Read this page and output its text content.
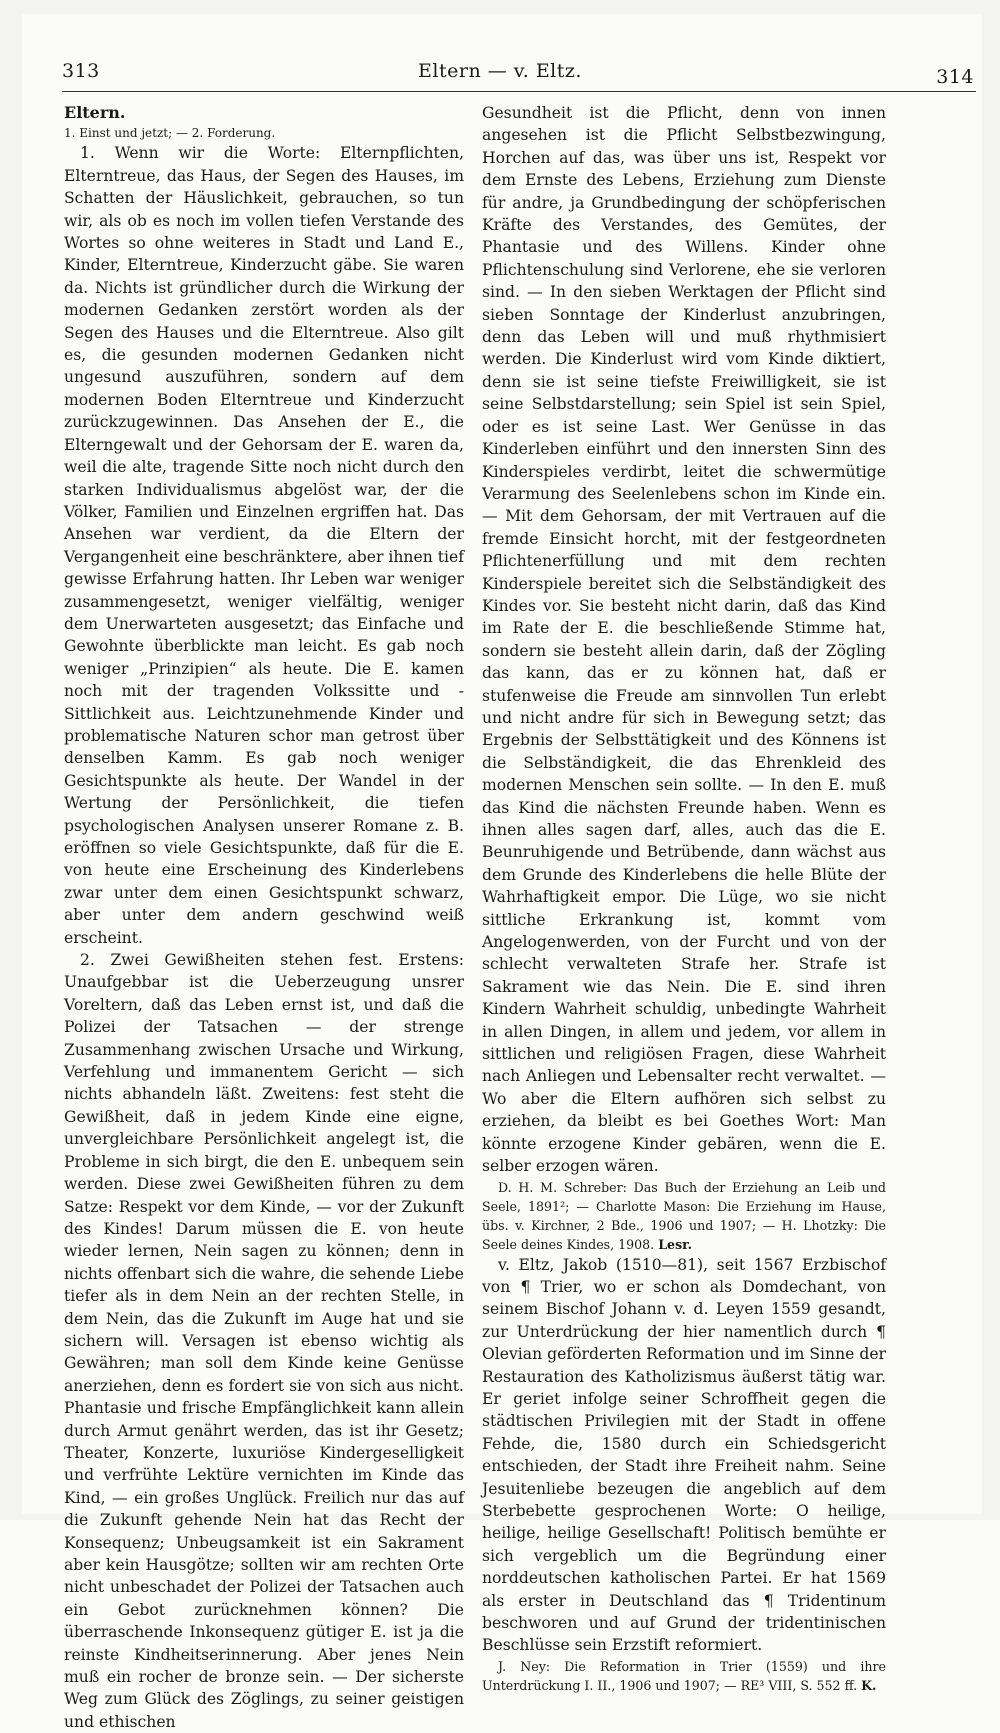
313	Eltern — v. Eltz.	314

Eltern.

1. Einst und jetzt; — 2. Forderung.

1. Wenn wir die Worte: Elternpflichten, Elterntreue, das Haus, der Segen des Hauses, im Schatten der Häuslichkeit, gebrauchen, so tun wir, als ob es noch im vollen tiefen Verstande des Wortes so ohne weiteres in Stadt und Land E., Kinder, Elterntreue, Kinderzucht gäbe. Sie waren da. Nichts ist gründlicher durch die Wirkung der modernen Gedanken zerstört worden als der Segen des Hauses und die Elterntreue. Also gilt es, die gesunden modernen Gedanken nicht ungesund auszuführen, sondern auf dem modernen Boden Elterntreue und Kinderzucht zurückzugewinnen. Das Ansehen der E., die Elterngewalt und der Gehorsam der E. waren da, weil die alte, tragende Sitte noch nicht durch den starken Individualismus abgelöst war, der die Völker, Familien und Einzelnen ergriffen hat. Das Ansehen war verdient, da die Eltern der Vergangenheit eine beschränktere, aber ihnen tief gewisse Erfahrung hatten. Ihr Leben war weniger zusammengesetzt, weniger vielfältig, weniger dem Unerwarteten ausgesetzt; das Einfache und Gewohnte überblickte man leicht. Es gab noch weniger „Prinzipien“ als heute. Die E. kamen noch mit der tragenden Volkssitte und -Sittlichkeit aus. Leichtzunehmende Kinder und problematische Naturen schor man getrost über denselben Kamm. Es gab noch weniger Gesichtspunkte als heute. Der Wandel in der Wertung der Persönlichkeit, die tiefen psychologischen Analysen unserer Romane z. B. eröffnen so viele Gesichtspunkte, daß für die E. von heute eine Erscheinung des Kinderlebens zwar unter dem einen Gesichtspunkt schwarz, aber unter dem andern geschwind weiß erscheint.

2. Zwei Gewißheiten stehen fest. Erstens: Unaufgebbar ist die Ueberzeugung unsrer Voreltern, daß das Leben ernst ist, und daß die Polizei der Tatsachen — der strenge Zusammenhang zwischen Ursache und Wirkung, Verfehlung und immanentem Gericht — sich nichts abhandeln läßt. Zweitens: fest steht die Gewißheit, daß in jedem Kinde eine eigne, unvergleichbare Persönlichkeit angelegt ist, die Probleme in sich birgt, die den E. unbequem sein werden. Diese zwei Gewißheiten führen zu dem Satze: Respekt vor dem Kinde, — vor der Zukunft des Kindes! Darum müssen die E. von heute wieder lernen, Nein sagen zu können; denn in nichts offenbart sich die wahre, die sehende Liebe tiefer als in dem Nein an der rechten Stelle, in dem Nein, das die Zukunft im Auge hat und sie sichern will. Versagen ist ebenso wichtig als Gewähren; man soll dem Kinde keine Genüsse anerziehen, denn es fordert sie von sich aus nicht. Phantasie und frische Empfänglichkeit kann allein durch Armut genährt werden, das ist ihr Gesetz; Theater, Konzerte, luxuriöse Kindergeselligkeit und verfrühte Lektüre vernichten im Kinde das Kind, — ein großes Unglück. Freilich nur das auf die Zukunft gehende Nein hat das Recht der Konsequenz; Unbeugsamkeit ist ein Sakrament aber kein Hausgötze; sollten wir am rechten Orte nicht unbeschadet der Polizei der Tatsachen auch ein Gebot zurücknehmen können? Die überraschende Inkonsequenz gütiger E. ist ja die reinste Kindheitserinnerung. Aber jenes Nein muß ein rocher de bronze sein. — Der sicherste Weg zum Glück des Zöglings, zu seiner geistigen und ethischen

Gesundheit ist die Pflicht, denn von innen angesehen ist die Pflicht Selbstbezwingung, Horchen auf das, was über uns ist, Respekt vor dem Ernste des Lebens, Erziehung zum Dienste für andre, ja Grundbedingung der schöpferischen Kräfte des Verstandes, des Gemütes, der Phantasie und des Willens. Kinder ohne Pflichtenschulung sind Verlorene, ehe sie verloren sind. — In den sieben Werktagen der Pflicht sind sieben Sonntage der Kinderlust anzubringen, denn das Leben will und muß rhythmisiert werden. Die Kinderlust wird vom Kinde diktiert, denn sie ist seine tiefste Freiwilligkeit, sie ist seine Selbstdarstellung; sein Spiel ist sein Spiel, oder es ist seine Last. Wer Genüsse in das Kinderleben einführt und den innersten Sinn des Kinderspieles verdirbt, leitet die schwermütige Verarmung des Seelenlebens schon im Kinde ein. — Mit dem Gehorsam, der mit Vertrauen auf die fremde Einsicht horcht, mit der festgeordneten Pflichtenerfüllung und mit dem rechten Kinderspiele bereitet sich die Selbständigkeit des Kindes vor. Sie besteht nicht darin, daß das Kind im Rate der E. die beschließende Stimme hat, sondern sie besteht allein darin, daß der Zögling das kann, das er zu können hat, daß er stufenweise die Freude am sinnvollen Tun erlebt und nicht andre für sich in Bewegung setzt; das Ergebnis der Selbsttätigkeit und des Könnens ist die Selbständigkeit, die das Ehrenkleid des modernen Menschen sein sollte. — In den E. muß das Kind die nächsten Freunde haben. Wenn es ihnen alles sagen darf, alles, auch das die E. Beunruhigende und Betrübende, dann wächst aus dem Grunde des Kinderlebens die helle Blüte der Wahrhaftigkeit empor. Die Lüge, wo sie nicht sittliche Erkrankung ist, kommt vom Angelogenwerden, von der Furcht und von der schlecht verwalteten Strafe her. Strafe ist Sakrament wie das Nein. Die E. sind ihren Kindern Wahrheit schuldig, unbedingte Wahrheit in allen Dingen, in allem und jedem, vor allem in sittlichen und religiösen Fragen, diese Wahrheit nach Anliegen und Lebensalter recht verwaltet. — Wo aber die Eltern aufhören sich selbst zu erziehen, da bleibt es bei Goethes Wort: Man könnte erzogene Kinder gebären, wenn die E. selber erzogen wären.

D. H. M. Schreber: Das Buch der Erziehung an Leib und Seele, 1891²; — Charlotte Mason: Die Erziehung im Hause, übs. v. Kirchner, 2 Bde., 1906 und 1907; — H. Lhotzky: Die Seele deines Kindes, 1908. Lesr.

v. Eltz, Jakob (1510—81), seit 1567 Erzbischof von ¶ Trier, wo er schon als Domdechant, von seinem Bischof Johann v. d. Leyen 1559 gesandt, zur Unterdrückung der hier namentlich durch ¶ Olevian geförderten Reformation und im Sinne der Restauration des Katholizismus äußerst tätig war. Er geriet infolge seiner Schroffheit gegen die städtischen Privilegien mit der Stadt in offene Fehde, die, 1580 durch ein Schiedsgericht entschieden, der Stadt ihre Freiheit nahm. Seine Jesuitenliebe bezeugen die angeblich auf dem Sterbebette gesprochenen Worte: O heilige, heilige, heilige Gesellschaft! Politisch bemühte er sich vergeblich um die Begründung einer norddeutschen katholischen Partei. Er hat 1569 als erster in Deutschland das ¶ Tridentinum beschworen und auf Grund der tridentinischen Beschlüsse sein Erzstift reformiert.

J. Ney: Die Reformation in Trier (1559) und ihre Unterdrückung I. II., 1906 und 1907; — RE³ VIII, S. 552 ff. K.
